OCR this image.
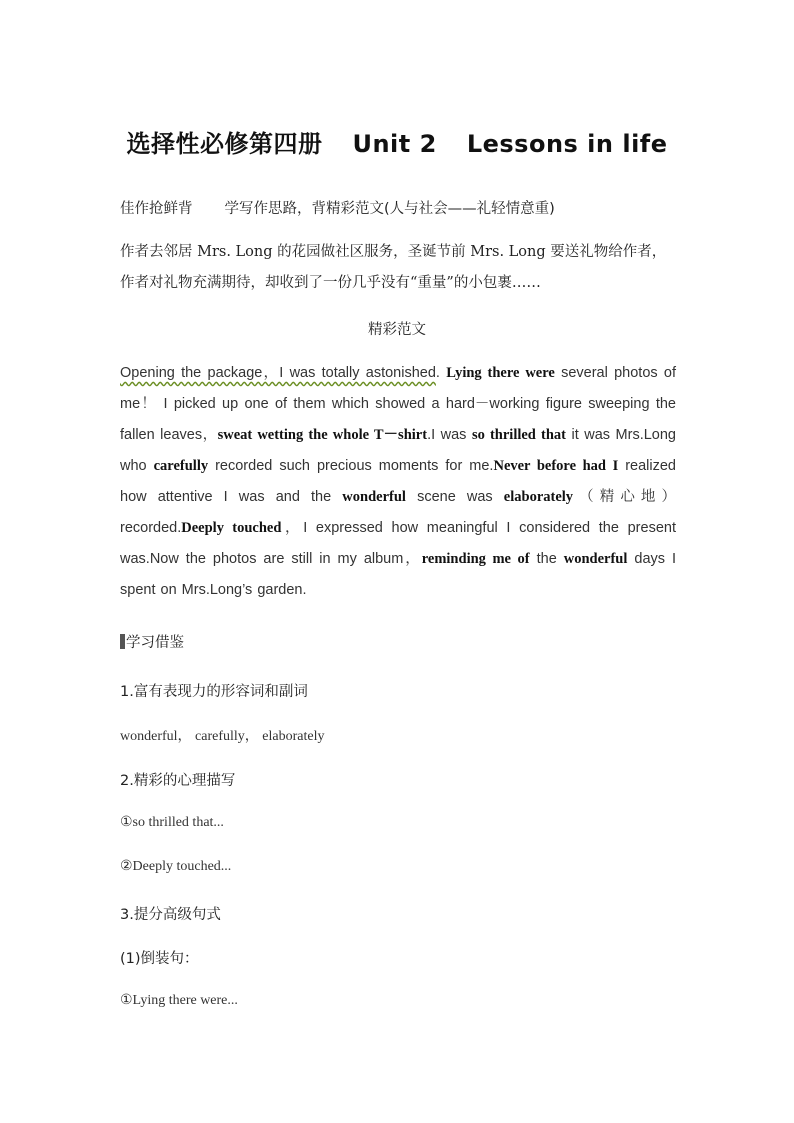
选择性必修第四册 Unit 2 Lessons in life
佳作抢鲜背 学写作思路，背精彩范文(人与社会——礼轻情意重)
作者去邻居 Mrs. Long 的花园做社区服务，圣诞节前 Mrs. Long 要送礼物给作者，
作者对礼物充满期待，却收到了一份几乎没有“重量”的小包裹……
精彩范文
Opening the package，I was totally astonished. Lying there were several photos of me！ I picked up one of them which showed a hard－working figure sweeping the fallen leaves，sweat wetting the whole T－shirt.I was so thrilled that it was Mrs.Long who carefully recorded such precious moments for me.Never before had I realized how attentive I was and the wonderful scene was elaborately（精心地）recorded.Deeply touched，I expressed how meaningful I considered the present was.Now the photos are still in my album，reminding me of the wonderful days I spent on Mrs.Long’s garden.
学习借鉴
1.富有表现力的形容词和副词
wonderful， carefully， elaborately
2.精彩的心理描写
①so thrilled that...
②Deeply touched...
3.提分高级句式
(1)倒装句：
①Lying there were...
